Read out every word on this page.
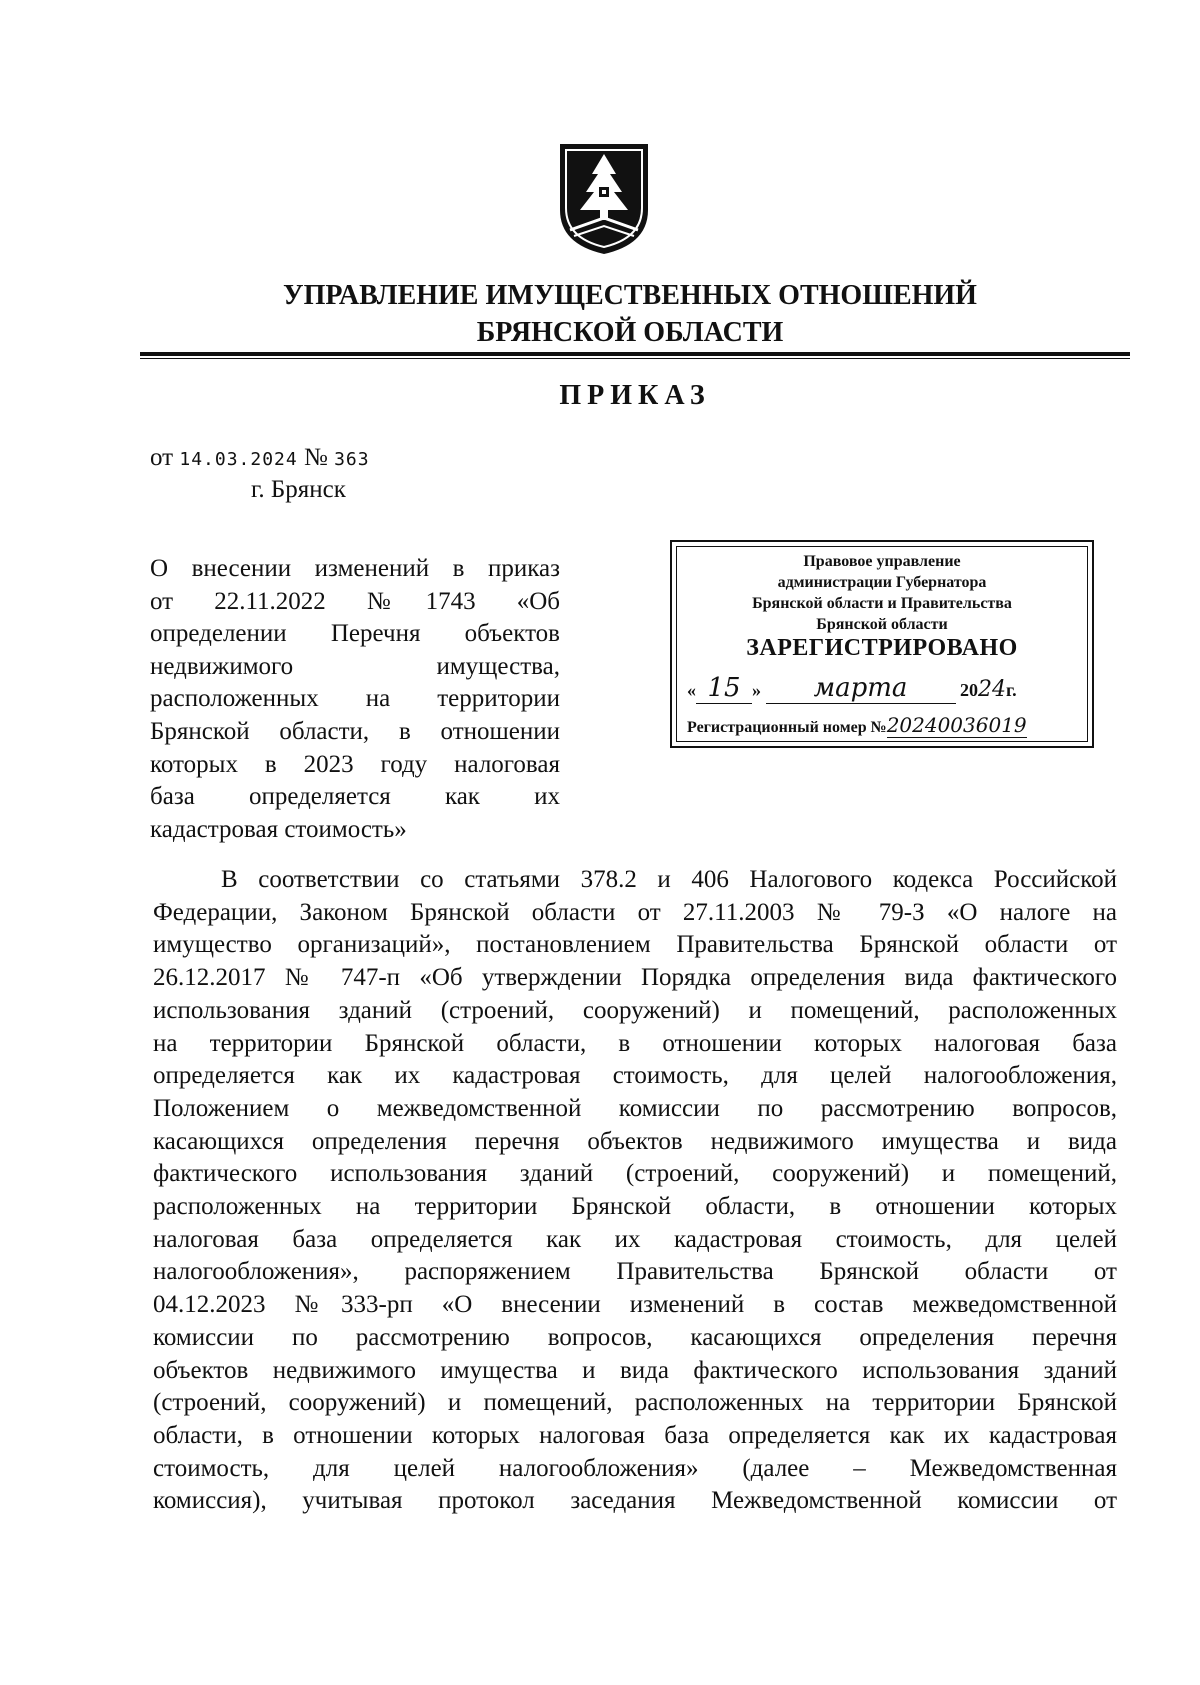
УПРАВЛЕНИЕ ИМУЩЕСТВЕННЫХ ОТНОШЕНИЙ
БРЯНСКОЙ ОБЛАСТИ
ПРИКАЗ
от 14.03.2024 № 363
г. Брянск
О внесении изменений в приказ
от 22.11.2022 №1743 «Об
определении Перечня объектов
недвижимого имущества,
расположенных на территории
Брянской области, в отношении
которых в 2023 году налоговая
база определяется как их
кадастровая стоимость»
Правовое управление
администрации Губернатора
Брянской области и Правительства
Брянской области
ЗАРЕГИСТРИРОВАНО
« 15 » марта	2024г.
Регистрационный номер №20240036019
В соответствии со статьями 378.2 и 406 Налогового кодекса Российской
Федерации, Законом Брянской области от 27.11.2003 № 79-З «О налоге на
имущество организаций», постановлением Правительства Брянской области от
26.12.2017 № 747-п «Об утверждении Порядка определения вида фактического
использования зданий (строений, сооружений) и помещений, расположенных
на территории Брянской области, в отношении которых налоговая база
определяется как их кадастровая стоимость, для целей налогообложения,
Положением о межведомственной комиссии по рассмотрению вопросов,
касающихся определения перечня объектов недвижимого имущества и вида
фактического использования зданий (строений, сооружений) и помещений,
расположенных на территории Брянской области, в отношении которых
налоговая база определяется как их кадастровая стоимость, для целей
налогообложения», распоряжением Правительства Брянской области от
04.12.2023 №333-рп «О внесении изменений в состав межведомственной
комиссии по рассмотрению вопросов, касающихся определения перечня
объектов недвижимого имущества и вида фактического использования зданий
(строений, сооружений) и помещений, расположенных на территории Брянской
области, в отношении которых налоговая база определяется как их кадастровая
стоимость, для целей налогообложения» (далее – Межведомственная
комиссия), учитывая протокол заседания Межведомственной комиссии от
